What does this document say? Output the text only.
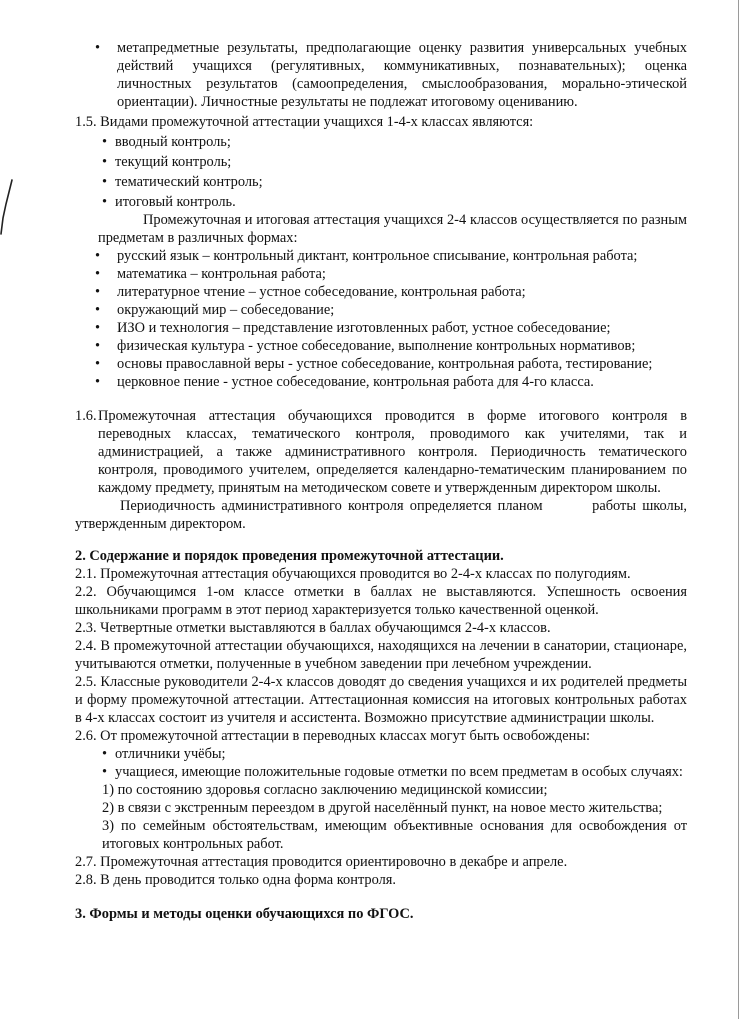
• метапредметные результаты, предполагающие оценку развития универсальных учебных действий учащихся (регулятивных, коммуникативных, познавательных); оценка личностных результатов (самоопределения, смыслообразования, морально-этической ориентации). Личностные результаты не подлежат итоговому оцениванию.

1.5. Видами промежуточной аттестации учащихся 1-4-х классах являются:

• вводный контроль;
• текущий контроль;
• тематический контроль;
• итоговый контроль.

Промежуточная и итоговая аттестация учащихся 2-4 классов осуществляется по разным предметам в различных формах:

• русский язык – контрольный диктант, контрольное списывание, контрольная работа;
• математика – контрольная работа;
• литературное чтение – устное собеседование, контрольная работа;
• окружающий мир – собеседование;
• ИЗО и технология – представление изготовленных работ, устное собеседование;
• физическая культура - устное собеседование, выполнение контрольных нормативов;
• основы православной веры - устное собеседование, контрольная работа, тестирование;
• церковное пение - устное собеседование, контрольная работа для 4-го класса.
1.6. Промежуточная аттестация обучающихся проводится в форме итогового контроля в переводных классах, тематического контроля, проводимого как учителями, так и администрацией, а также административного контроля. Периодичность тематического контроля, проводимого учителем, определяется календарно-тематическим планированием по каждому предмету, принятым на методическом совете и утвержденным директором школы.

Периодичность административного контроля определяется планом        работы школы,

утвержденным директором.

2. Содержание и порядок проведения промежуточной аттестации.

2.1. Промежуточная аттестация обучающихся проводится во 2-4-х классах по полугодиям.

2.2. Обучающимся 1-ом классе отметки в баллах не выставляются. Успешность освоения школьниками программ в этот период характеризуется только качественной оценкой.

2.3. Четвертные отметки выставляются в баллах обучающимся 2-4-х классов.

2.4. В промежуточной аттестации обучающихся, находящихся на лечении в санатории, стационаре, учитываются отметки, полученные в учебном заведении при лечебном учреждении.

2.5. Классные руководители 2-4-х классов доводят до сведения учащихся и их родителей предметы и форму промежуточной аттестации. Аттестационная комиссия на итоговых контрольных работах в 4-х классах состоит из учителя и ассистента. Возможно присутствие администрации школы.

2.6. От промежуточной аттестации в переводных классах могут быть освобождены:

• отличники учёбы;
• учащиеся, имеющие положительные годовые отметки по всем предметам в особых случаях:

1) по состоянию здоровья согласно заключению медицинской комиссии;

2) в связи с экстренным переездом в другой населённый пункт, на новое место жительства;

3) по семейным обстоятельствам, имеющим объективные основания для освобождения от итоговых контрольных работ.

2.7. Промежуточная аттестация проводится ориентировочно в декабре и апреле.

2.8. В день проводится только одна форма контроля.

3. Формы и методы оценки обучающихся по ФГОС.
